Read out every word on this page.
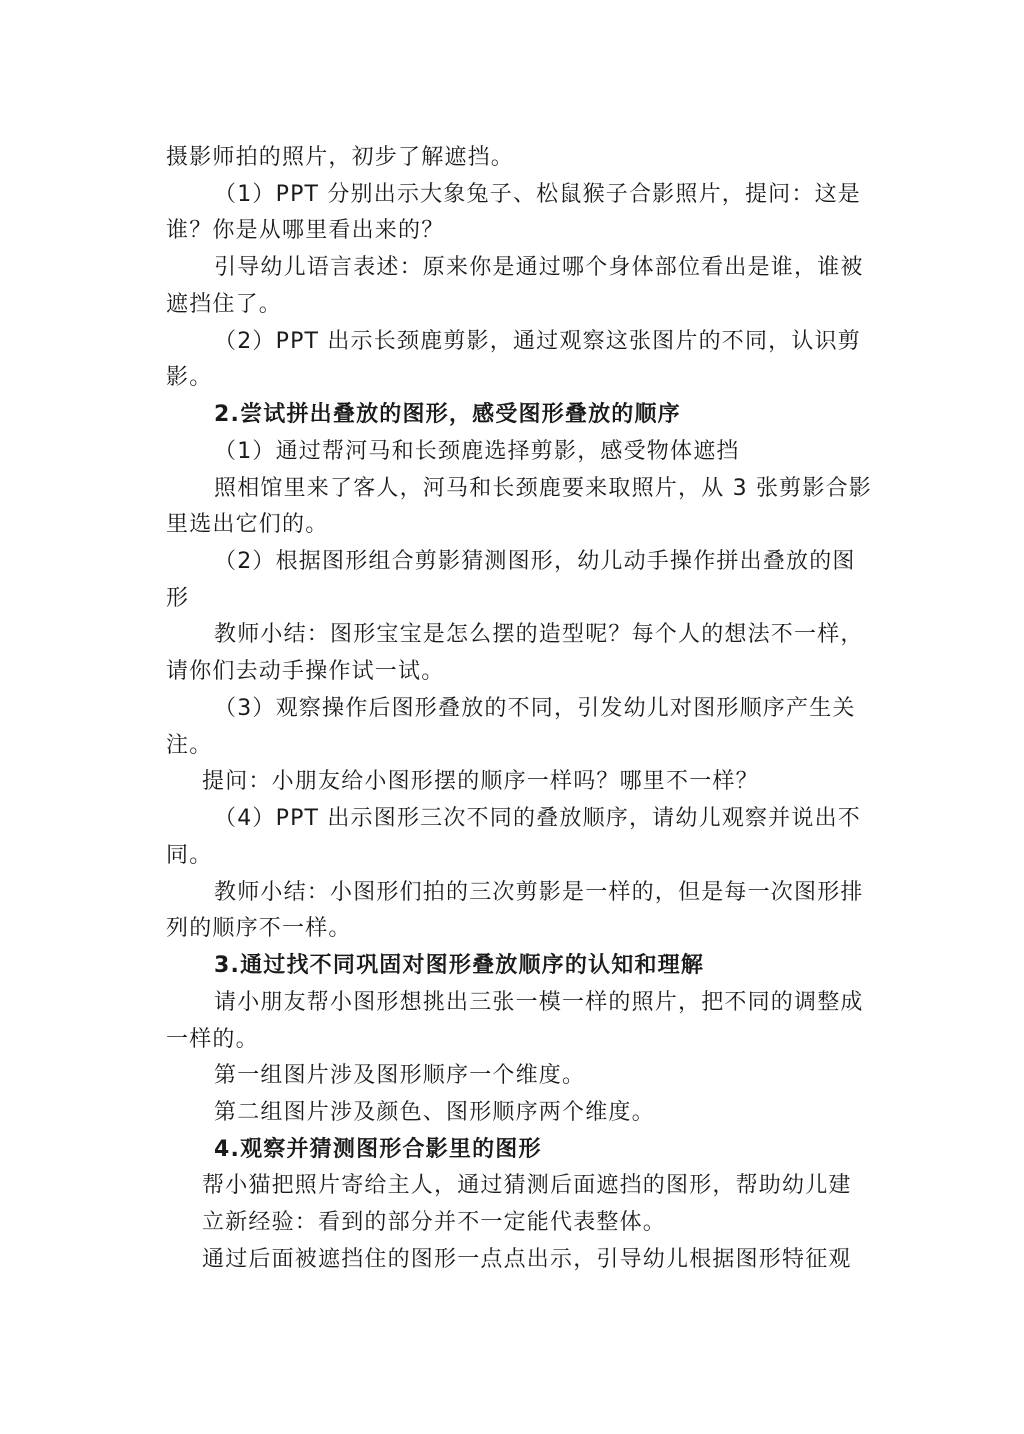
摄影师拍的照片，初步了解遮挡。
（1）PPT 分别出示大象兔子、松鼠猴子合影照片，提问：这是
谁？你是从哪里看出来的？
引导幼儿语言表述：原来你是通过哪个身体部位看出是谁，谁被
遮挡住了。
（2）PPT 出示长颈鹿剪影，通过观察这张图片的不同，认识剪
影。
2.尝试拼出叠放的图形，感受图形叠放的顺序
（1）通过帮河马和长颈鹿选择剪影，感受物体遮挡
照相馆里来了客人，河马和长颈鹿要来取照片，从 3 张剪影合影
里选出它们的。
（2）根据图形组合剪影猜测图形，幼儿动手操作拼出叠放的图
形
教师小结：图形宝宝是怎么摆的造型呢？每个人的想法不一样，
请你们去动手操作试一试。
（3）观察操作后图形叠放的不同，引发幼儿对图形顺序产生关
注。
提问：小朋友给小图形摆的顺序一样吗？哪里不一样？
（4）PPT 出示图形三次不同的叠放顺序，请幼儿观察并说出不
同。
教师小结：小图形们拍的三次剪影是一样的，但是每一次图形排
列的顺序不一样。
3.通过找不同巩固对图形叠放顺序的认知和理解
请小朋友帮小图形想挑出三张一模一样的照片，把不同的调整成
一样的。
第一组图片涉及图形顺序一个维度。
第二组图片涉及颜色、图形顺序两个维度。
4.观察并猜测图形合影里的图形
帮小猫把照片寄给主人，通过猜测后面遮挡的图形，帮助幼儿建
立新经验：看到的部分并不一定能代表整体。
通过后面被遮挡住的图形一点点出示，引导幼儿根据图形特征观
